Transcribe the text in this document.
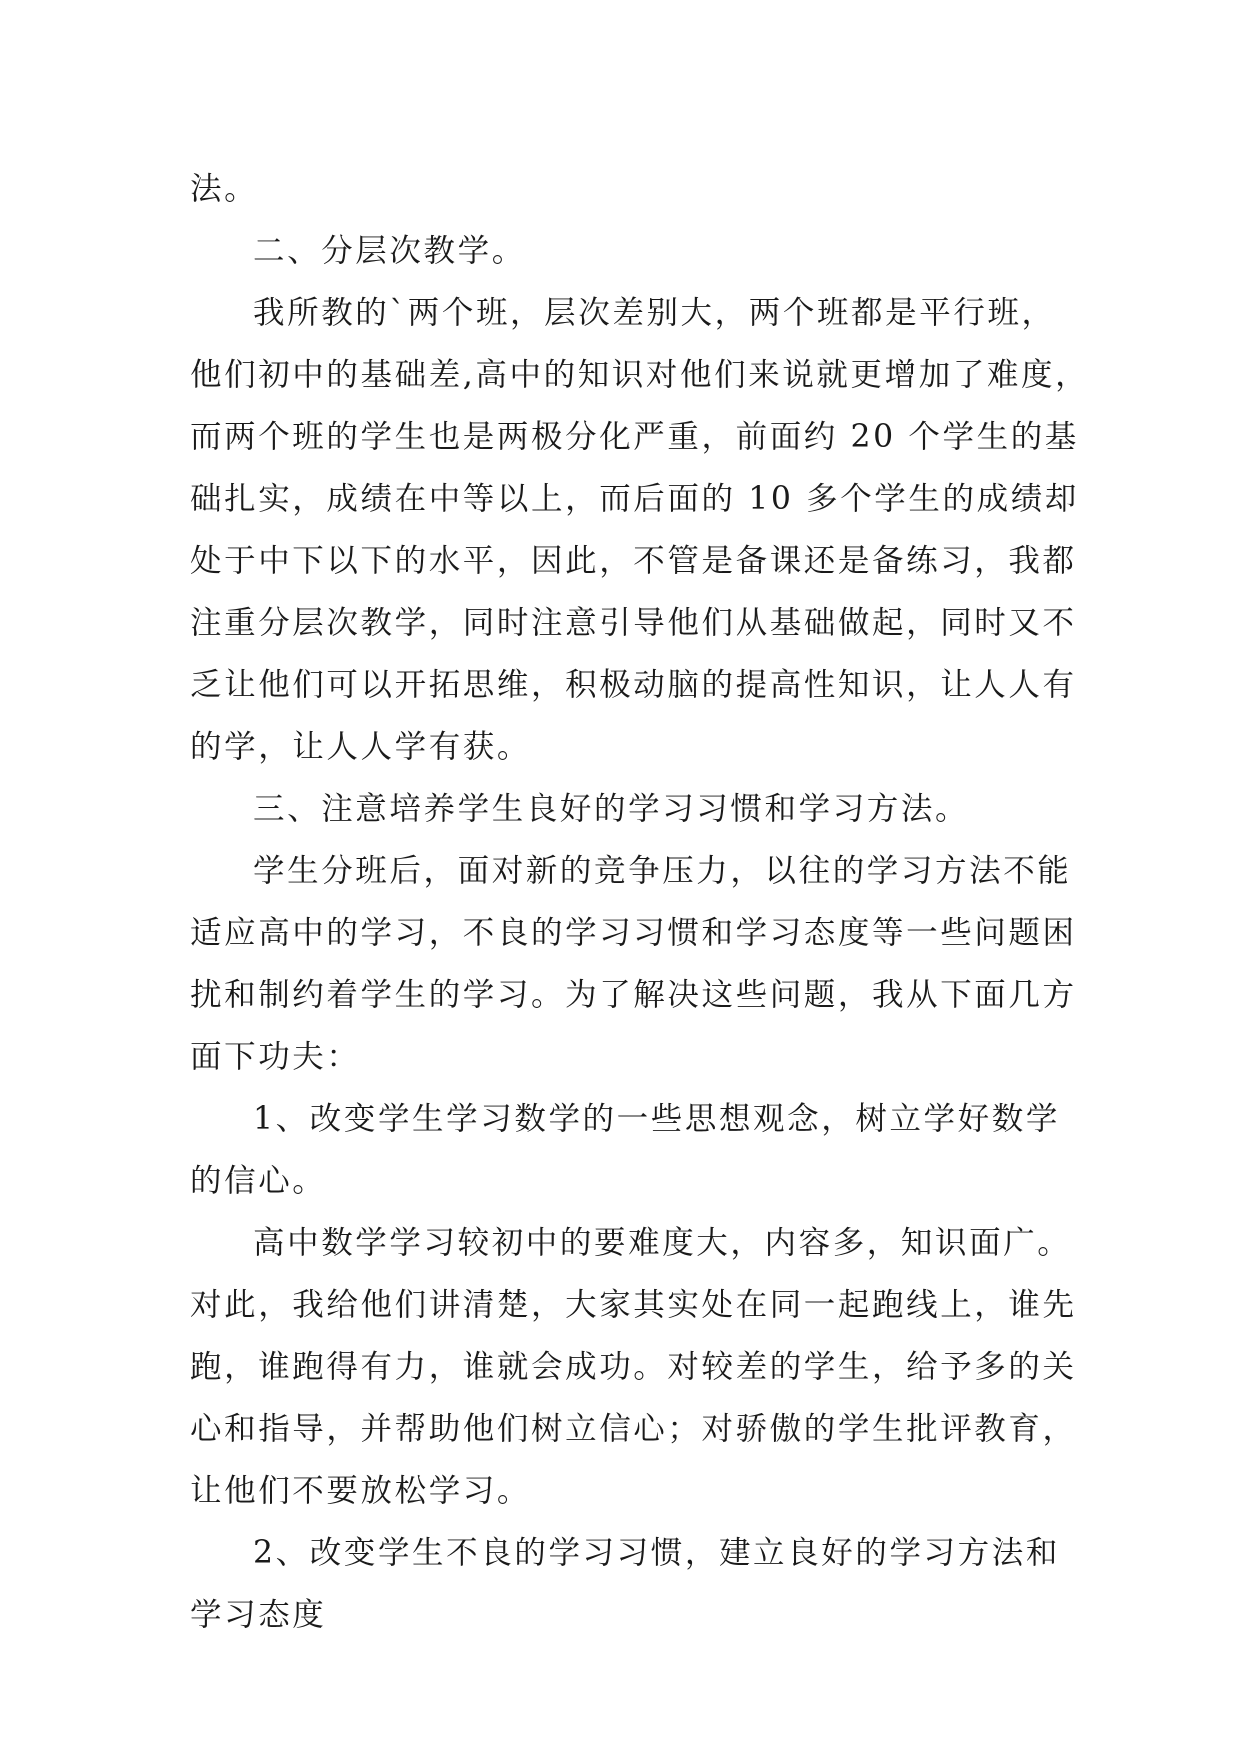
法。

二、分层次教学。

我所教的`两个班，层次差别大，两个班都是平行班，
他们初中的基础差,高中的知识对他们来说就更增加了难度，
而两个班的学生也是两极分化严重，前面约 20 个学生的基
础扎实，成绩在中等以上，而后面的 10 多个学生的成绩却
处于中下以下的水平，因此，不管是备课还是备练习，我都
注重分层次教学，同时注意引导他们从基础做起，同时又不
乏让他们可以开拓思维，积极动脑的提高性知识，让人人有
的学，让人人学有获。

三、注意培养学生良好的学习习惯和学习方法。

学生分班后，面对新的竞争压力，以往的学习方法不能
适应高中的学习，不良的学习习惯和学习态度等一些问题困
扰和制约着学生的学习。为了解决这些问题，我从下面几方
面下功夫：

1、改变学生学习数学的一些思想观念，树立学好数学
的信心。

高中数学学习较初中的要难度大，内容多，知识面广。
对此，我给他们讲清楚，大家其实处在同一起跑线上，谁先
跑，谁跑得有力，谁就会成功。对较差的学生，给予多的关
心和指导，并帮助他们树立信心；对骄傲的学生批评教育，
让他们不要放松学习。

2、改变学生不良的学习习惯，建立良好的学习方法和
学习态度
